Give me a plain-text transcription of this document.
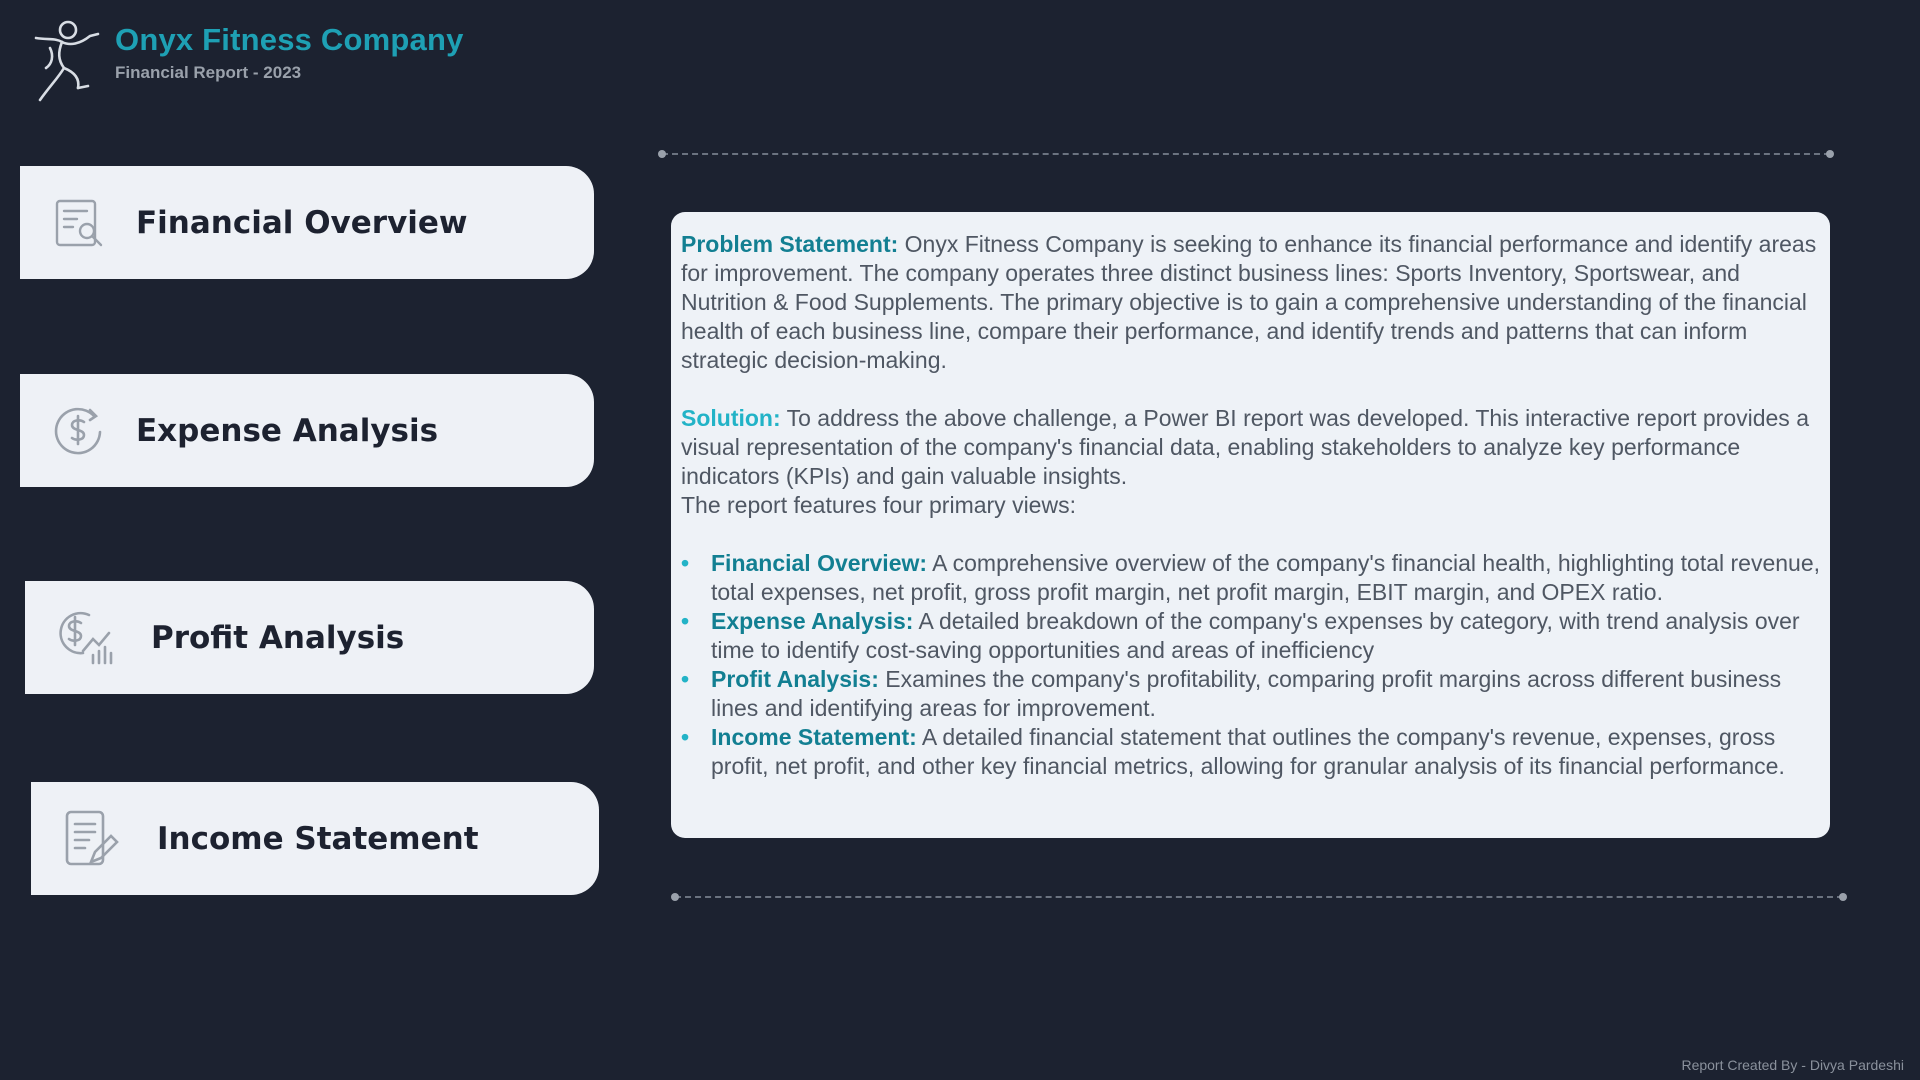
Onyx Fitness Company
Financial Report - 2023
Financial Overview
Expense Analysis
Profit Analysis
Income Statement

Problem Statement: Onyx Fitness Company is seeking to enhance its financial performance and identify areas for improvement. The company operates three distinct business lines: Sports Inventory, Sportswear, and Nutrition & Food Supplements. The primary objective is to gain a comprehensive understanding of the financial health of each business line, compare their performance, and identify trends and patterns that can inform strategic decision-making.

Solution: To address the above challenge, a Power BI report was developed. This interactive report provides a visual representation of the company's financial data, enabling stakeholders to analyze key performance indicators (KPIs) and gain valuable insights.

The report features four primary views:

• Financial Overview: A comprehensive overview of the company's financial health, highlighting total revenue, total expenses, net profit, gross profit margin, net profit margin, EBIT margin, and OPEX ratio.
• Expense Analysis: A detailed breakdown of the company's expenses by category, with trend analysis over time to identify cost-saving opportunities and areas of inefficiency
• Profit Analysis: Examines the company's profitability, comparing profit margins across different business lines and identifying areas for improvement.
• Income Statement: A detailed financial statement that outlines the company's revenue, expenses, gross profit, net profit, and other key financial metrics, allowing for granular analysis of its financial performance.
Report Created By - Divya Pardeshi
